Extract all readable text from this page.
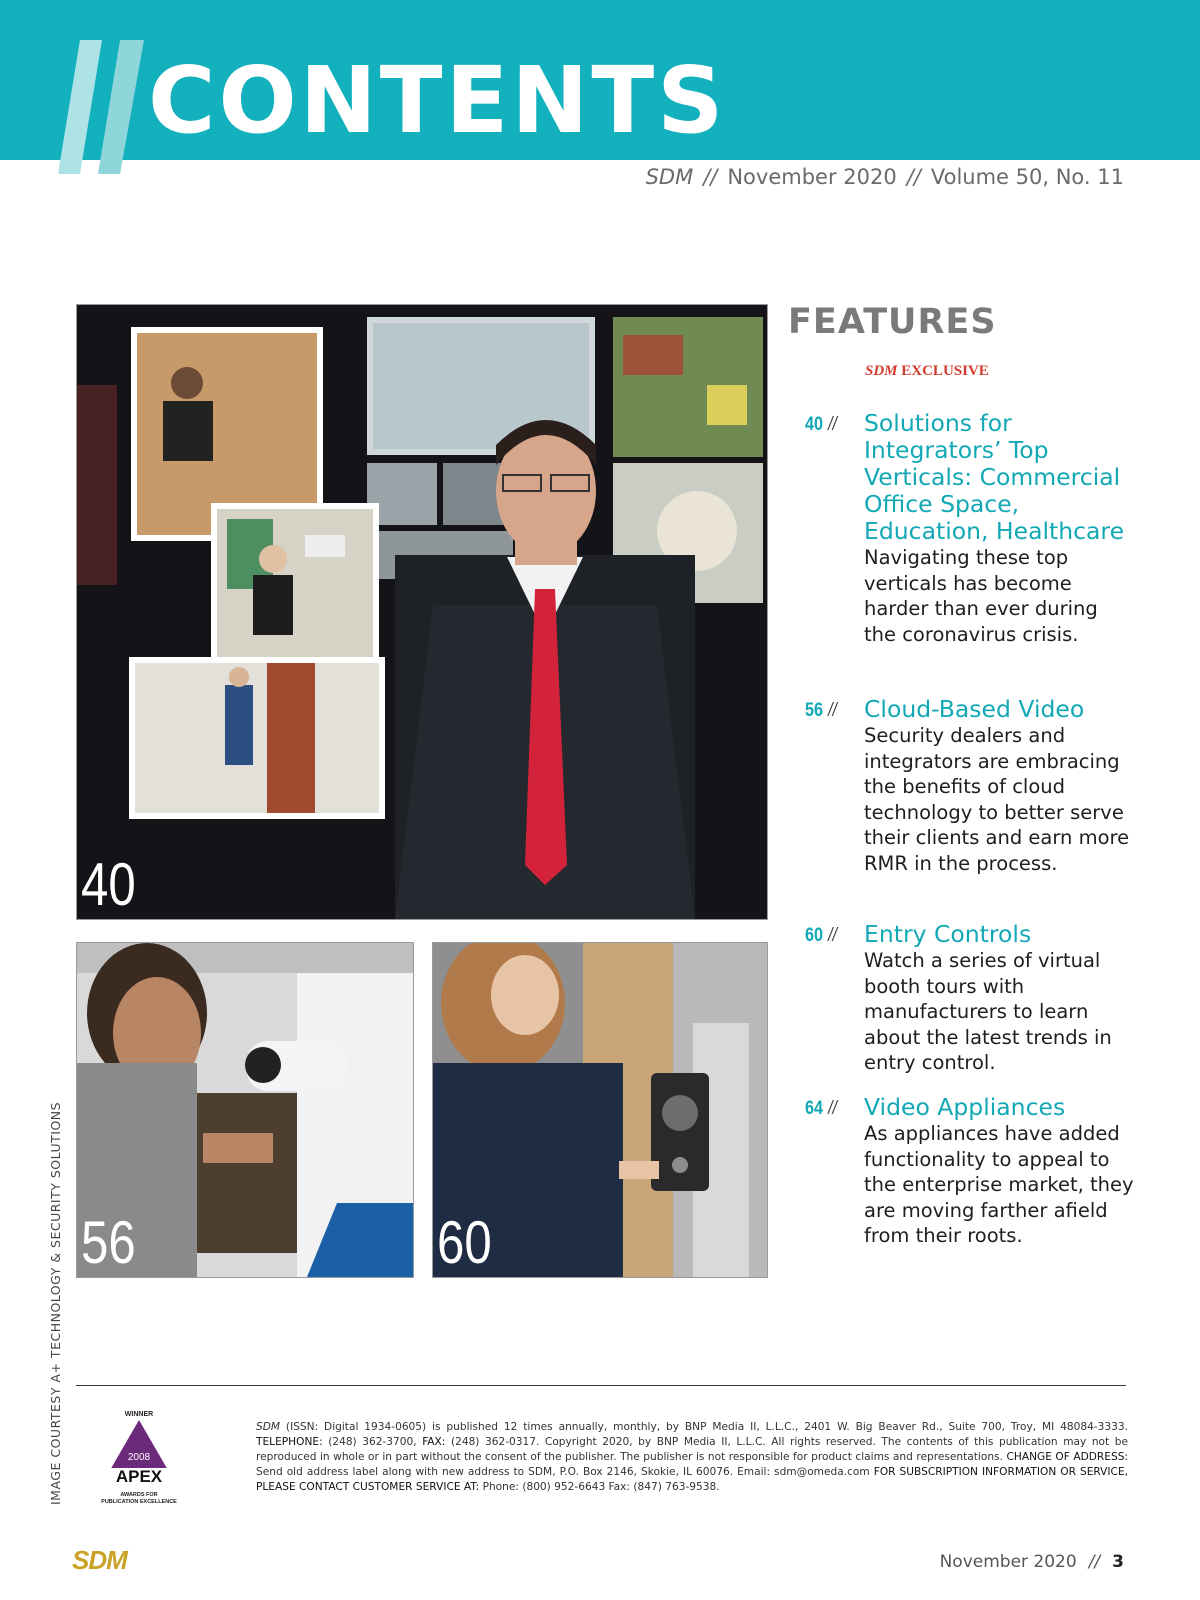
CONTENTS
SDM // November 2020 // Volume 50, No. 11
40
56	60
FEATURES
SDM EXCLUSIVE
40 // Solutions for Integrators’ Top Verticals: Commercial Office Space, Education, Healthcare
Navigating these top verticals has become harder than ever during the coronavirus crisis.
56 // Cloud-Based Video
Security dealers and integrators are embracing the benefits of cloud technology to better serve their clients and earn more RMR in the process.
60 // Entry Controls
Watch a series of virtual booth tours with manufacturers to learn about the latest trends in entry control.
64 // Video Appliances
As appliances have added functionality to appeal to the enterprise market, they are moving farther afield from their roots.
IMAGE COURTESY A+ TECHNOLOGY & SECURITY SOLUTIONS	WINNER
2008
APEX
AWARDS FOR
PUBLICATION EXCELLENCE
SDM (ISSN: Digital 1934-0605) is published 12 times annually, monthly, by BNP Media II, L.L.C., 2401 W. Big Beaver Rd., Suite 700, Troy, MI 48084-3333. TELEPHONE: (248) 362-3700, FAX: (248) 362-0317. Copyright 2020, by BNP Media II, L.L.C. All rights reserved. The contents of this publication may not be reproduced in whole or in part without the consent of the publisher. The publisher is not responsible for product claims and representations. CHANGE OF ADDRESS: Send old address label along with new address to SDM, P.O. Box 2146, Skokie, IL 60076. Email: sdm@omeda.com FOR SUBSCRIPTION INFORMATION OR SERVICE, PLEASE CONTACT CUSTOMER SERVICE AT: Phone: (800) 952-6643 Fax: (847) 763-9538.
SDM	November 2020 // 3
